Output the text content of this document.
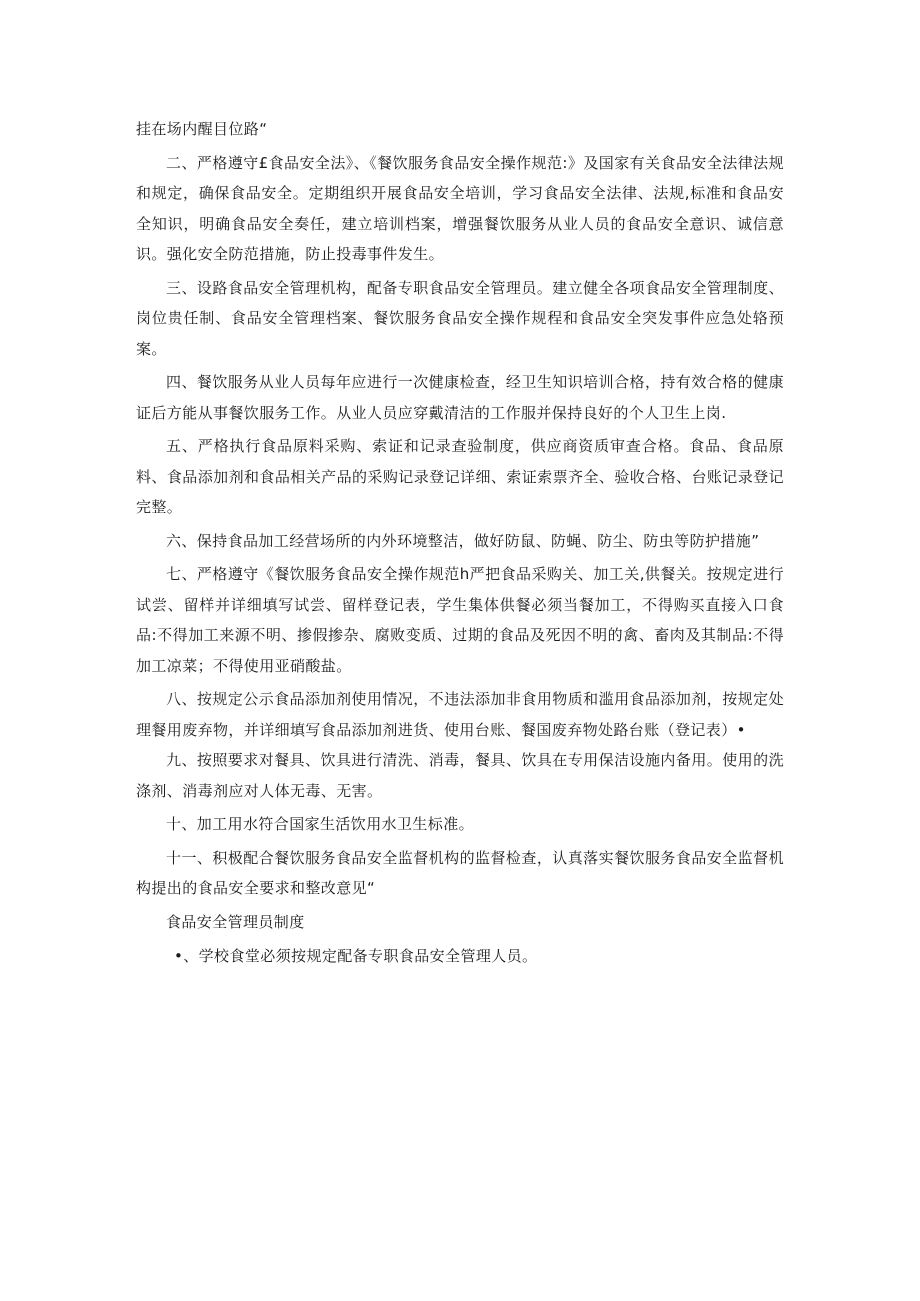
挂在场内醒目位路“

二、严格遵守£食品安全法》、《餐饮服务食品安全操作规范:》及国家有关食品安全法律法规和规定，确保食品安全。定期组织开展食品安全培训，学习食品安全法律、法规,标准和食品安全知识，明确食品安全奏任，建立培训档案，增强餐饮服务从业人员的食品安全意识、诚信意识。强化安全防范措施，防止投毒事件发生。

三、设路食品安全管理机构，配备专职食品安全管理员。建立健全各项食品安全管理制度、岗位贵任制、食品安全管理档案、餐饮服务食品安全操作规程和食品安全突发事件应急处辂预案。

四、餐饮服务从业人员每年应进行一次健康检查，经卫生知识培训合格，持有效合格的健康证后方能从事餐饮服务工作。从业人员应穿戴清洁的工作服并保持良好的个人卫生上岗.

五、严格执行食品原料采购、索证和记录查验制度，供应商资质审查合格。食品、食品原料、食品添加剂和食品相关产品的采购记录登记详细、索证索票齐全、验收合格、台账记录登记完整。

六、保持食品加工经营场所的内外环境整洁，做好防鼠、防蝇、防尘、防虫等防护措施”

七、严格遵守《餐饮服务食品安全操作规范h严把食品采购关、加工关,供餐关。按规定进行试尝、留样并详细填写试尝、留样登记表，学生集体供餐必须当餐加工，不得购买直接入口食品:不得加工来源不明、掺假掺杂、腐败变质、过期的食品及死因不明的禽、畜肉及其制品:不得加工凉菜；不得使用亚硝酸盐。

八、按规定公示食品添加剂使用情况，不违法添加非食用物质和滥用食品添加剂，按规定处理餐用废弃物，并详细填写食品添加剂进货、使用台账、餐国废弃物处路台账（登记表）•

九、按照要求对餐具、饮具进行清洗、消毒，餐具、饮具在专用保洁设施内备用。使用的洗涤剂、消毒剂应对人体无毒、无害。

十、加工用水符合国家生活饮用水卫生标准。

十一、积极配合餐饮服务食品安全监督机构的监督检查，认真落实餐饮服务食品安全监督机构提出的食品安全要求和整改意见“

食品安全管理员制度

•、学校食堂必须按规定配备专职食品安全管理人员。
